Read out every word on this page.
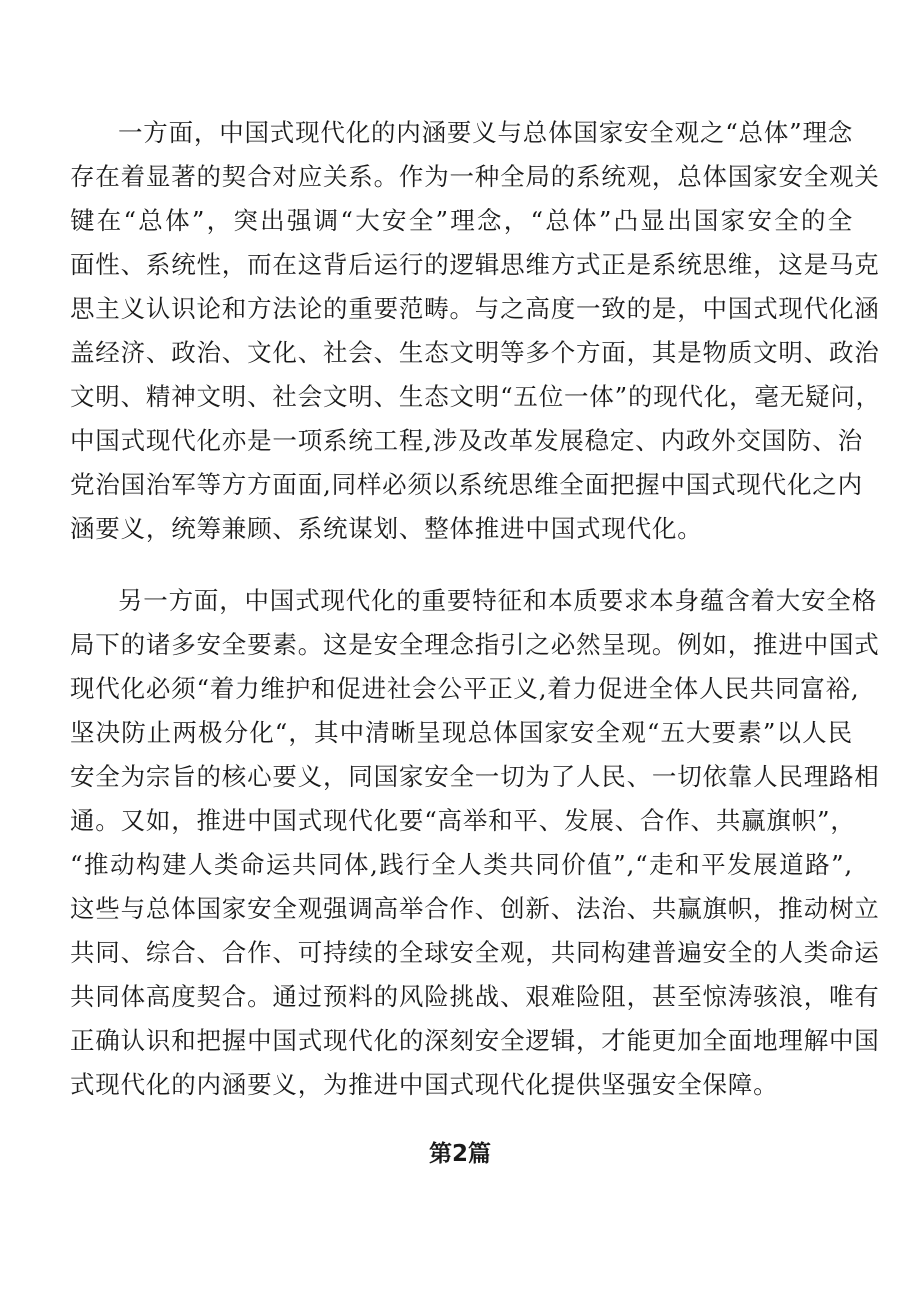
一方面，中国式现代化的内涵要义与总体国家安全观之“总体”理念
存在着显著的契合对应关系。作为一种全局的系统观，总体国家安全观关
键在“总体”，突出强调“大安全”理念，“总体”凸显出国家安全的全
面性、系统性，而在这背后运行的逻辑思维方式正是系统思维，这是马克
思主义认识论和方法论的重要范畴。与之高度一致的是，中国式现代化涵
盖经济、政治、文化、社会、生态文明等多个方面，其是物质文明、政治
文明、精神文明、社会文明、生态文明“五位一体”的现代化，毫无疑问，
中国式现代化亦是一项系统工程,涉及改革发展稳定、内政外交国防、治
党治国治军等方方面面,同样必须以系统思维全面把握中国式现代化之内
涵要义，统筹兼顾、系统谋划、整体推进中国式现代化。
另一方面，中国式现代化的重要特征和本质要求本身蕴含着大安全格
局下的诸多安全要素。这是安全理念指引之必然呈现。例如，推进中国式
现代化必须“着力维护和促进社会公平正义,着力促进全体人民共同富裕,
坚决防止两极分化“，其中清晰呈现总体国家安全观“五大要素”以人民
安全为宗旨的核心要义，同国家安全一切为了人民、一切依靠人民理路相
通。又如，推进中国式现代化要“高举和平、发展、合作、共赢旗帜”，
“推动构建人类命运共同体,践行全人类共同价值”,“走和平发展道路”,
这些与总体国家安全观强调高举合作、创新、法治、共赢旗帜，推动树立
共同、综合、合作、可持续的全球安全观，共同构建普遍安全的人类命运
共同体高度契合。通过预料的风险挑战、艰难险阻，甚至惊涛骇浪，唯有
正确认识和把握中国式现代化的深刻安全逻辑，才能更加全面地理解中国
式现代化的内涵要义，为推进中国式现代化提供坚强安全保障。
第2篇
